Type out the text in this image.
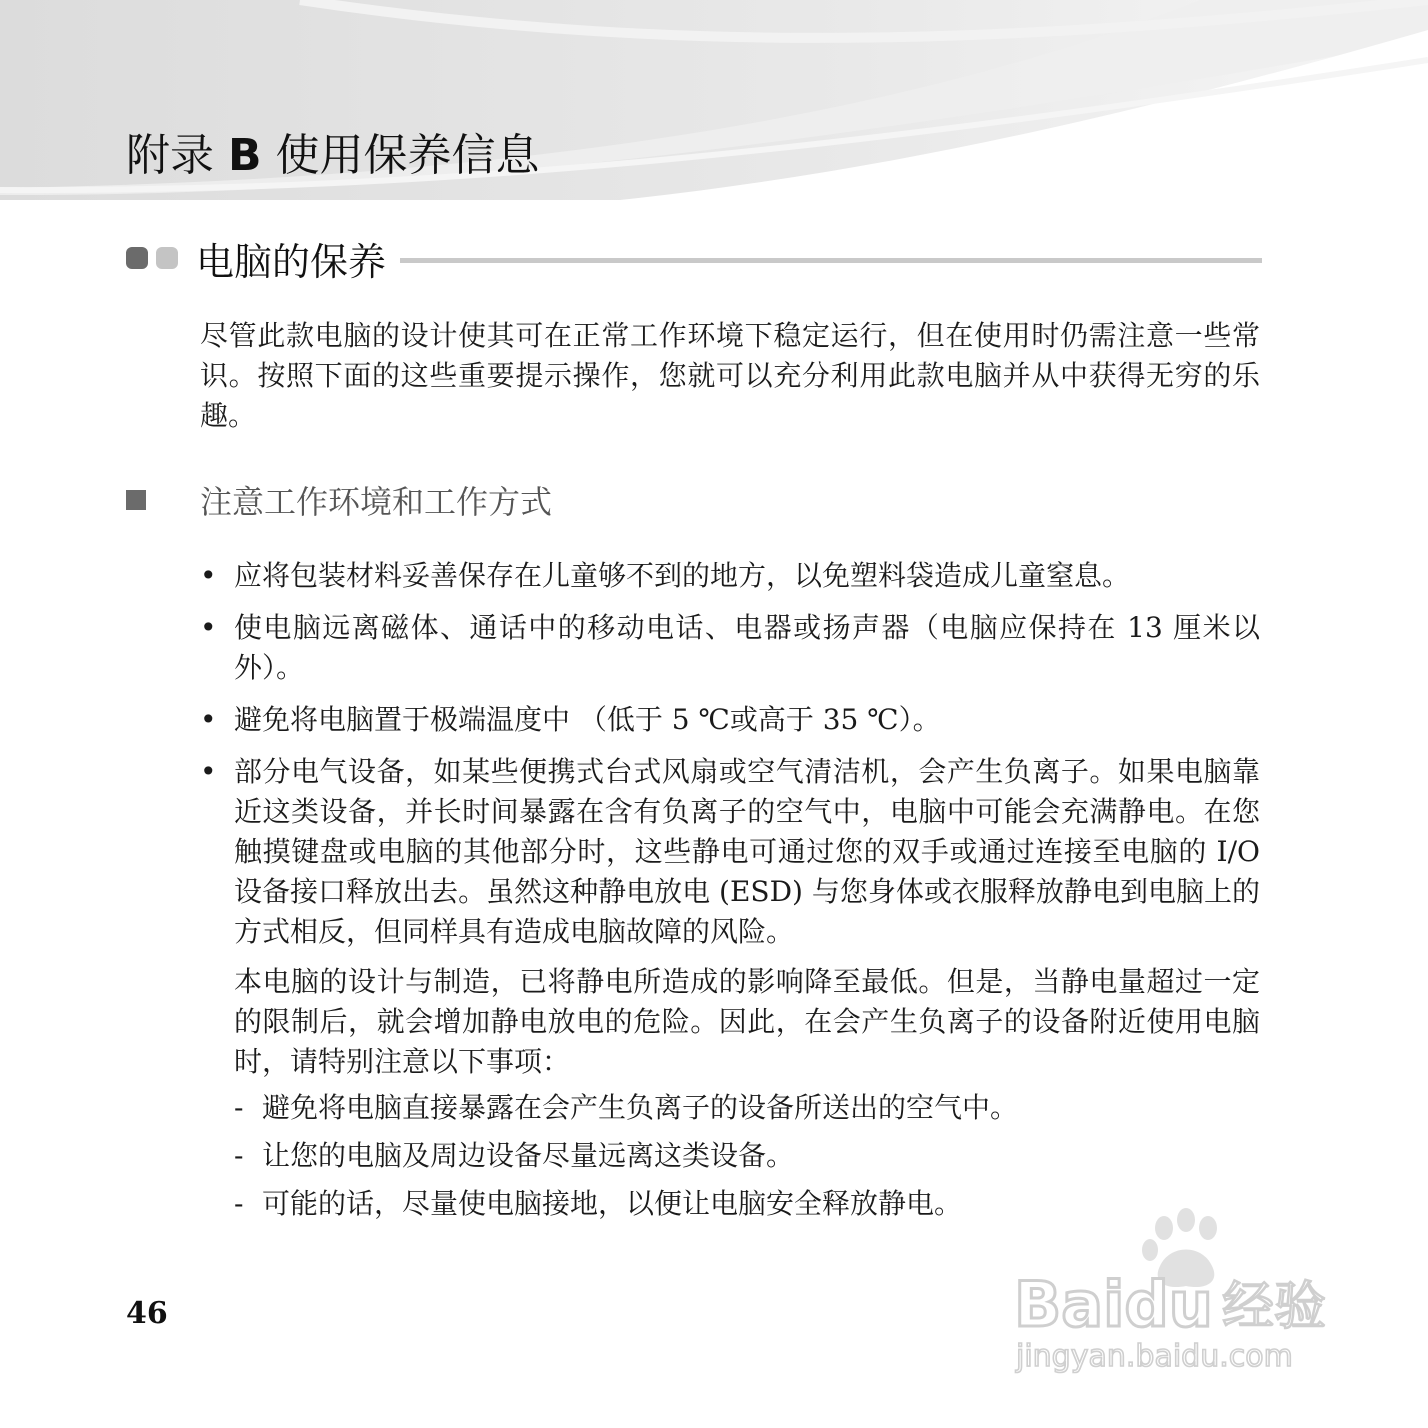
附录 B 使用保养信息
电脑的保养

尽管此款电脑的设计使其可在正常工作环境下稳定运行，但在使用时仍需注意一些常识。按照下面的这些重要提示操作，您就可以充分利用此款电脑并从中获得无穷的乐趣。

注意工作环境和工作方式
• 应将包装材料妥善保存在儿童够不到的地方，以免塑料袋造成儿童窒息。
• 使电脑远离磁体、通话中的移动电话、电器或扬声器（电脑应保持在 13 厘米以外）。
• 避免将电脑置于极端温度中 （低于 5 ℃或高于 35 ℃）。
• 部分电气设备，如某些便携式台式风扇或空气清洁机，会产生负离子。如果电脑靠近这类设备，并长时间暴露在含有负离子的空气中，电脑中可能会充满静电。在您触摸键盘或电脑的其他部分时，这些静电可通过您的双手或通过连接至电脑的 I/O 设备接口释放出去。虽然这种静电放电 (ESD) 与您身体或衣服释放静电到电脑上的方式相反，但同样具有造成电脑故障的风险。

本电脑的设计与制造，已将静电所造成的影响降至最低。但是，当静电量超过一定的限制后，就会增加静电放电的危险。因此，在会产生负离子的设备附近使用电脑时，请特别注意以下事项：

- 避免将电脑直接暴露在会产生负离子的设备所送出的空气中。
- 让您的电脑及周边设备尽量远离这类设备。
- 可能的话，尽量使电脑接地，以便让电脑安全释放静电。
46	Baidu 经验
jingyan.baidu.com
